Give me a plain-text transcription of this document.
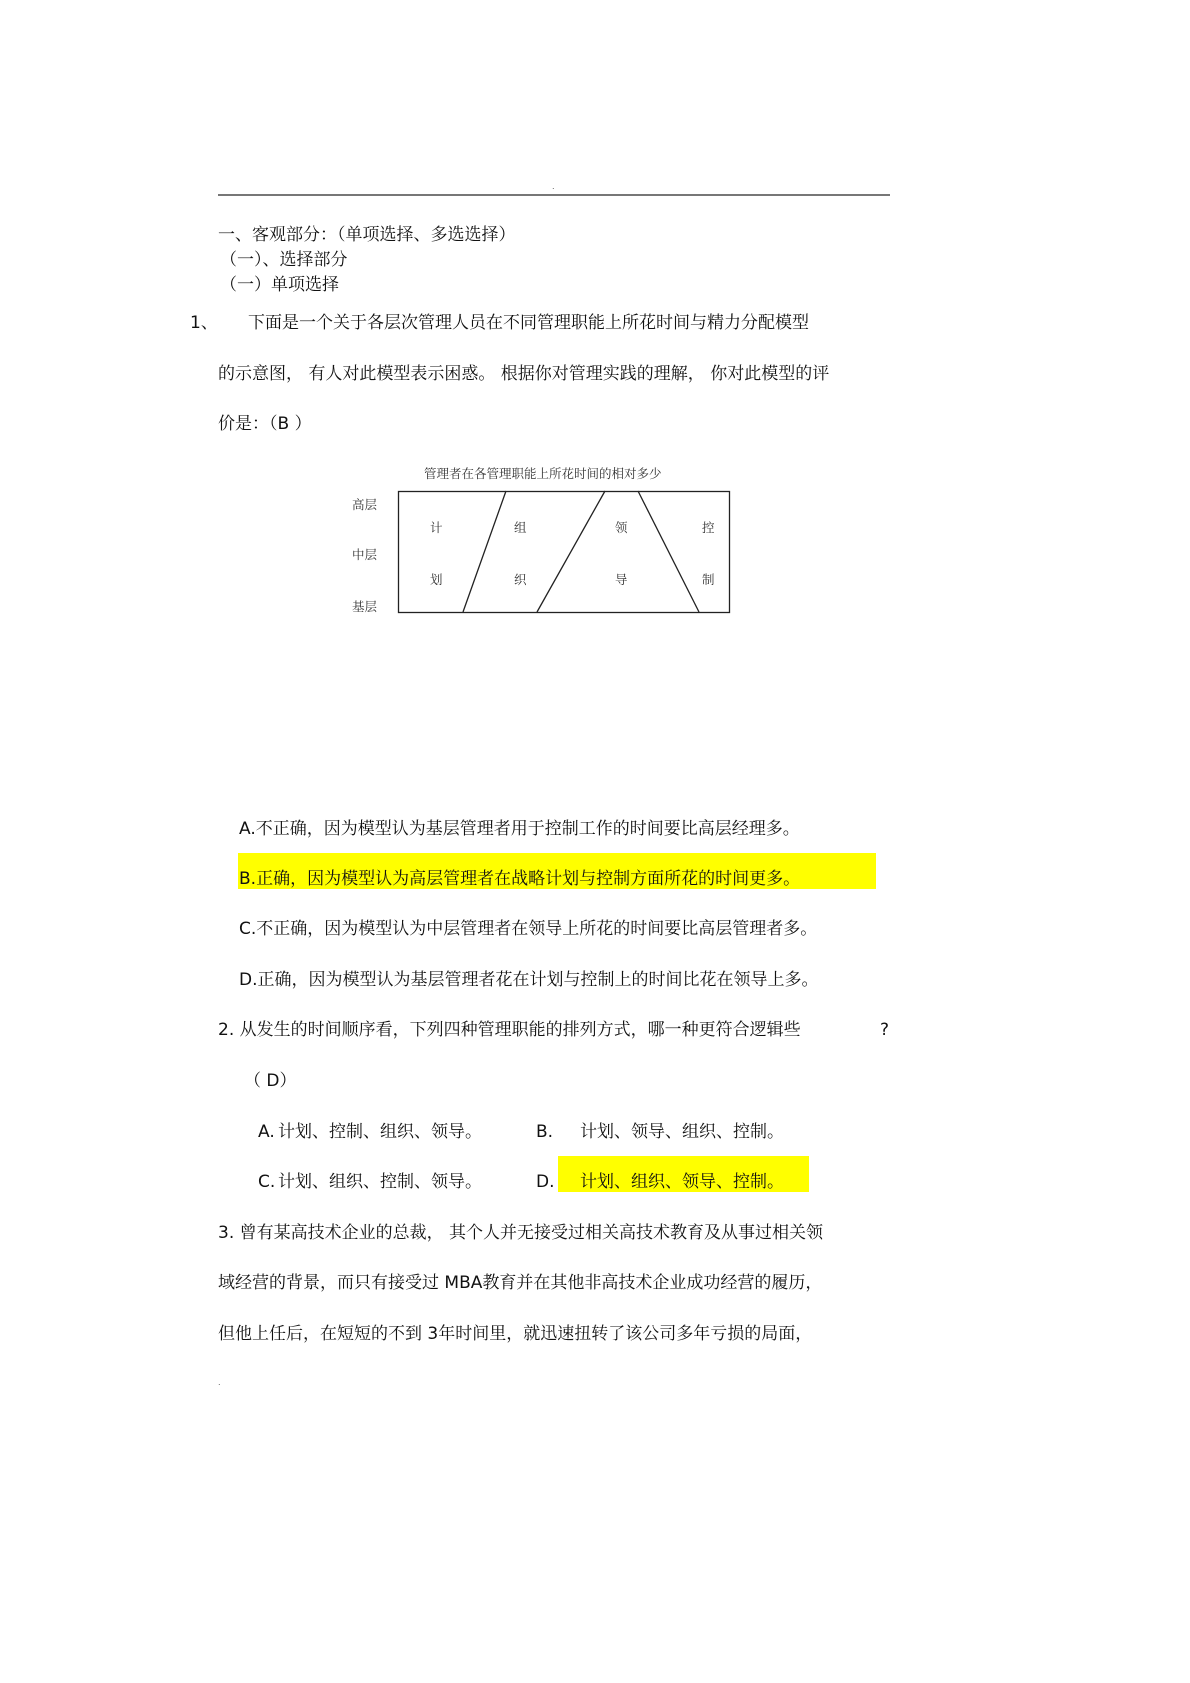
.
一、客观部分：（单项选择、多选选择）
（一）、选择部分
（一）单项选择
1、 下面是一个关于各层次管理人员在不同管理职能上所花时间与精力分配模型
的示意图， 有人对此模型表示困惑。 根据你对管理实践的理解， 你对此模型的评
价是：（B ）
管理者在各管理职能上所花时间的相对多少
高层
中层
基层
计
划
组
织
领
导
控
制
A.不正确，因为模型认为基层管理者用于控制工作的时间要比高层经理多。
B.正确，因为模型认为高层管理者在战略计划与控制方面所花的时间更多。
C.不正确，因为模型认为中层管理者在领导上所花的时间要比高层管理者多。
D.正确，因为模型认为基层管理者花在计划与控制上的时间比花在领导上多。
2. 从发生的时间顺序看，下列四种管理职能的排列方式，哪一种更符合逻辑些	?
（ D）
A. 计划、控制、组织、领导。	B. 计划、领导、组织、控制。
C. 计划、组织、控制、领导。	D. 计划、组织、领导、控制。
3. 曾有某高技术企业的总裁， 其个人并无接受过相关高技术教育及从事过相关领
域经营的背景，而只有接受过 MBA教育并在其他非高技术企业成功经营的履历，
但他上任后，在短短的不到 3年时间里，就迅速扭转了该公司多年亏损的局面，
.
